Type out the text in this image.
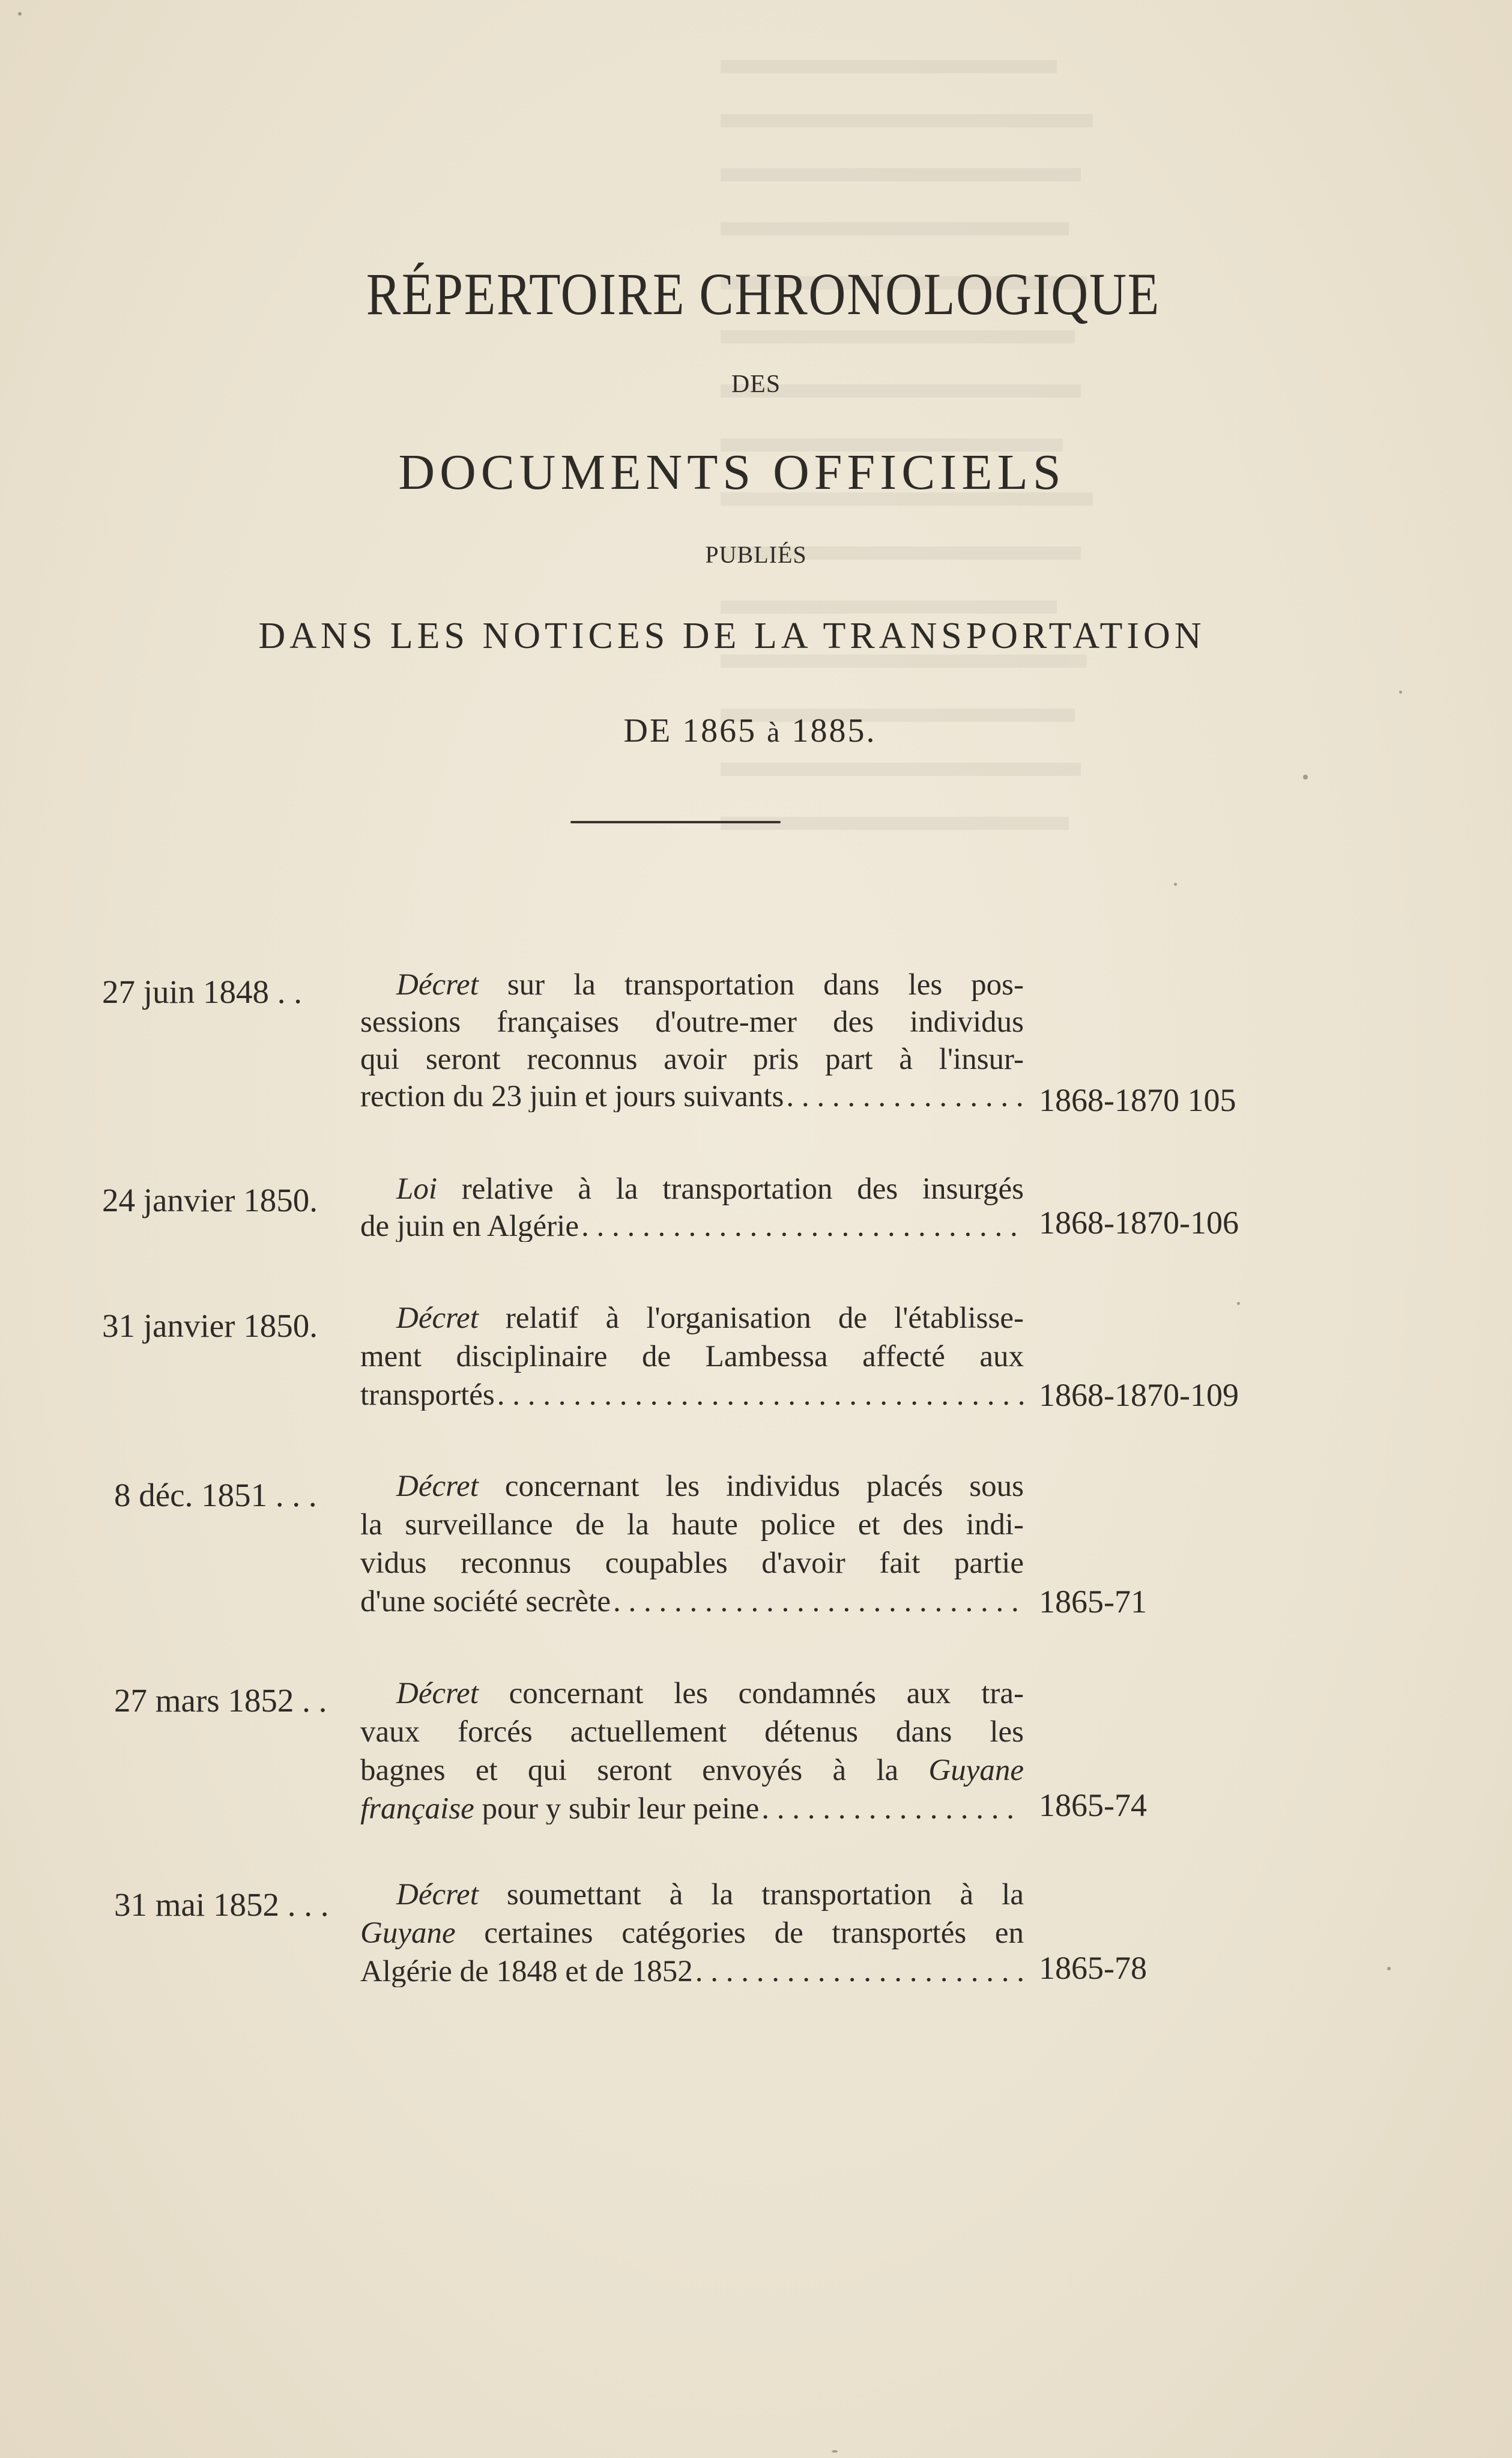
RÉPERTOIRE CHRONOLOGIQUE
DES
DOCUMENTS OFFICIELS
PUBLIÉS
DANS LES NOTICES DE LA TRANSPORTATION
DE 1865 à 1885.
27 juin 1848 . .	Décret sur la transportation dans les pos-
sessions françaises d'outre-mer des individus
qui seront reconnus avoir pris part à l'insur-
rection du 23 juin et jours suivants . . .	1868-1870 105
24 janvier 1850.	Loi relative à la transportation des insurgés
de juin en Algérie . . .	1868-1870-106
31 janvier 1850.	Décret relatif à l'organisation de l'établisse-
ment disciplinaire de Lambessa affecté aux
transportés . . .	1868-1870-109
8 déc. 1851 . . .	Décret concernant les individus placés sous
la surveillance de la haute police et des indi-
vidus reconnus coupables d'avoir fait partie
d'une société secrète . . .	1865-71
27 mars 1852 . .	Décret concernant les condamnés aux tra-
vaux forcés actuellement détenus dans les
bagnes et qui seront envoyés à la Guyane
française
pour y subir leur peine . . .	1865-74
31 mai 1852 . . .	Décret soumettant à la transportation à la
Guyane certaines catégories de transportés en
Algérie de 1848 et de 1852 . . .	1865-78
